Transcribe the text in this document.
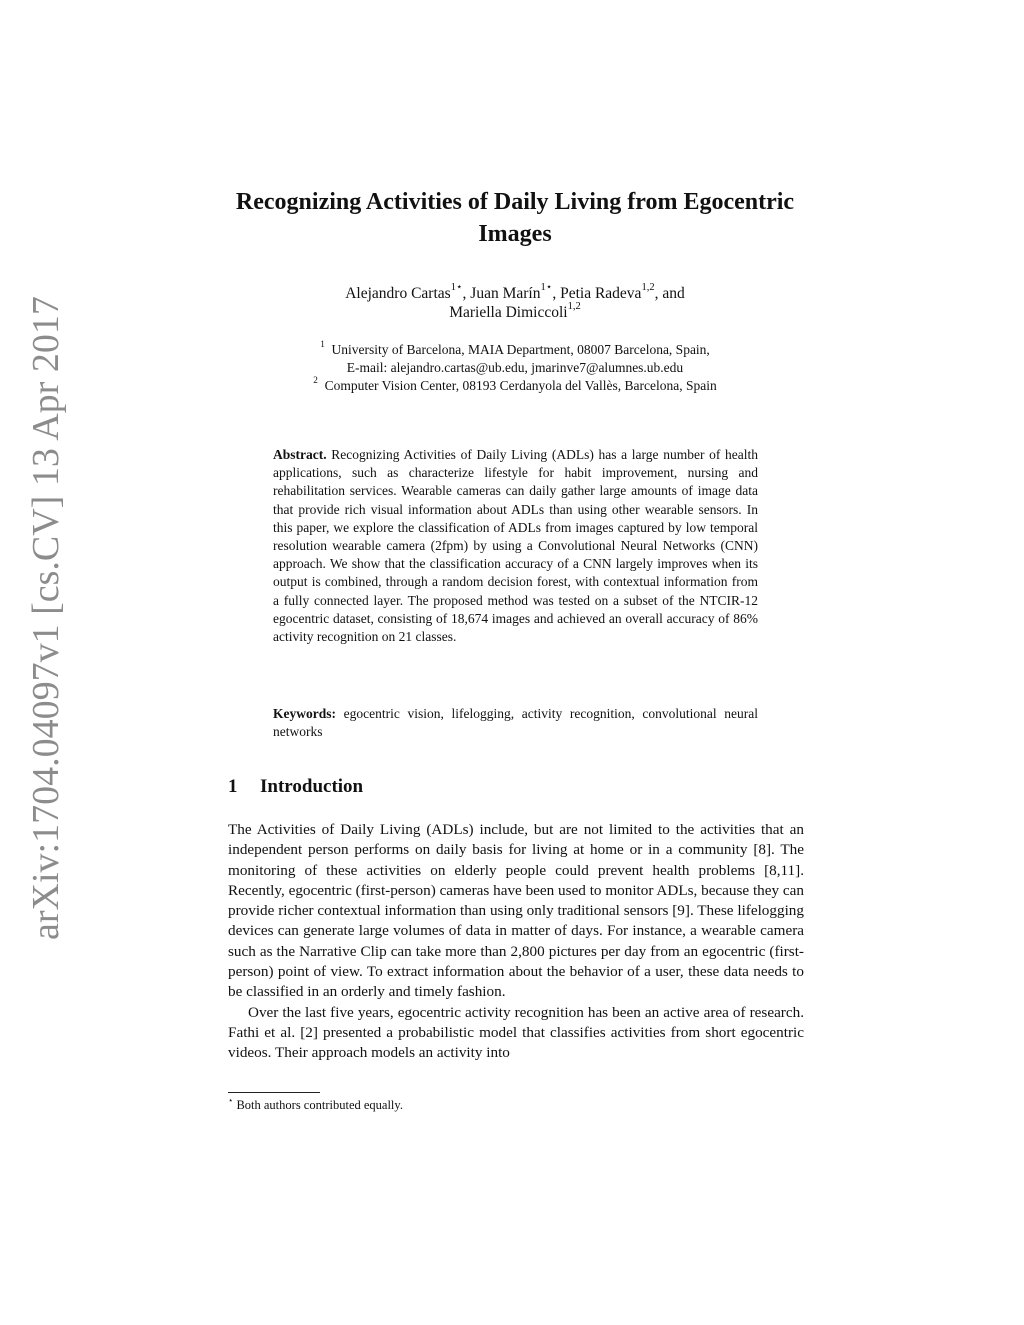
arXiv:1704.04097v1 [cs.CV] 13 Apr 2017
Recognizing Activities of Daily Living from Egocentric Images
Alejandro Cartas$^{1⋆}$, Juan Marín$^{1⋆}$, Petia Radeva$^{1,2}$, and
Mariella Dimiccoli$^{1,2}$
$^1$ University of Barcelona, MAIA Department, 08007 Barcelona, Spain,
E-mail: alejandro.cartas@ub.edu, jmarinve7@alumnes.ub.edu
$^2$ Computer Vision Center, 08193 Cerdanyola del Vallès, Barcelona, Spain
Abstract. Recognizing Activities of Daily Living (ADLs) has a large number of health applications, such as characterize lifestyle for habit improvement, nursing and rehabilitation services. Wearable cameras can daily gather large amounts of image data that provide rich visual information about ADLs than using other wearable sensors. In this paper, we explore the classification of ADLs from images captured by low temporal resolution wearable camera (2fpm) by using a Convolutional Neural Networks (CNN) approach. We show that the classification accuracy of a CNN largely improves when its output is combined, through a random decision forest, with contextual information from a fully connected layer. The proposed method was tested on a subset of the NTCIR-12 egocentric dataset, consisting of 18,674 images and achieved an overall accuracy of 86% activity recognition on 21 classes.
Keywords: egocentric vision, lifelogging, activity recognition, convolutional neural networks
1 Introduction

The Activities of Daily Living (ADLs) include, but are not limited to the activities that an independent person performs on daily basis for living at home or in a community [8]. The monitoring of these activities on elderly people could prevent health problems [8,11]. Recently, egocentric (first-person) cameras have been used to monitor ADLs, because they can provide richer contextual information than using only traditional sensors [9]. These lifelogging devices can generate large volumes of data in matter of days. For instance, a wearable camera such as the Narrative Clip can take more than 2,800 pictures per day from an egocentric (first-person) point of view. To extract information about the behavior of a user, these data needs to be classified in an orderly and timely fashion.

Over the last five years, egocentric activity recognition has been an active area of research. Fathi et al. [2] presented a probabilistic model that classifies activities from short egocentric videos. Their approach models an activity into

⋆ Both authors contributed equally.
